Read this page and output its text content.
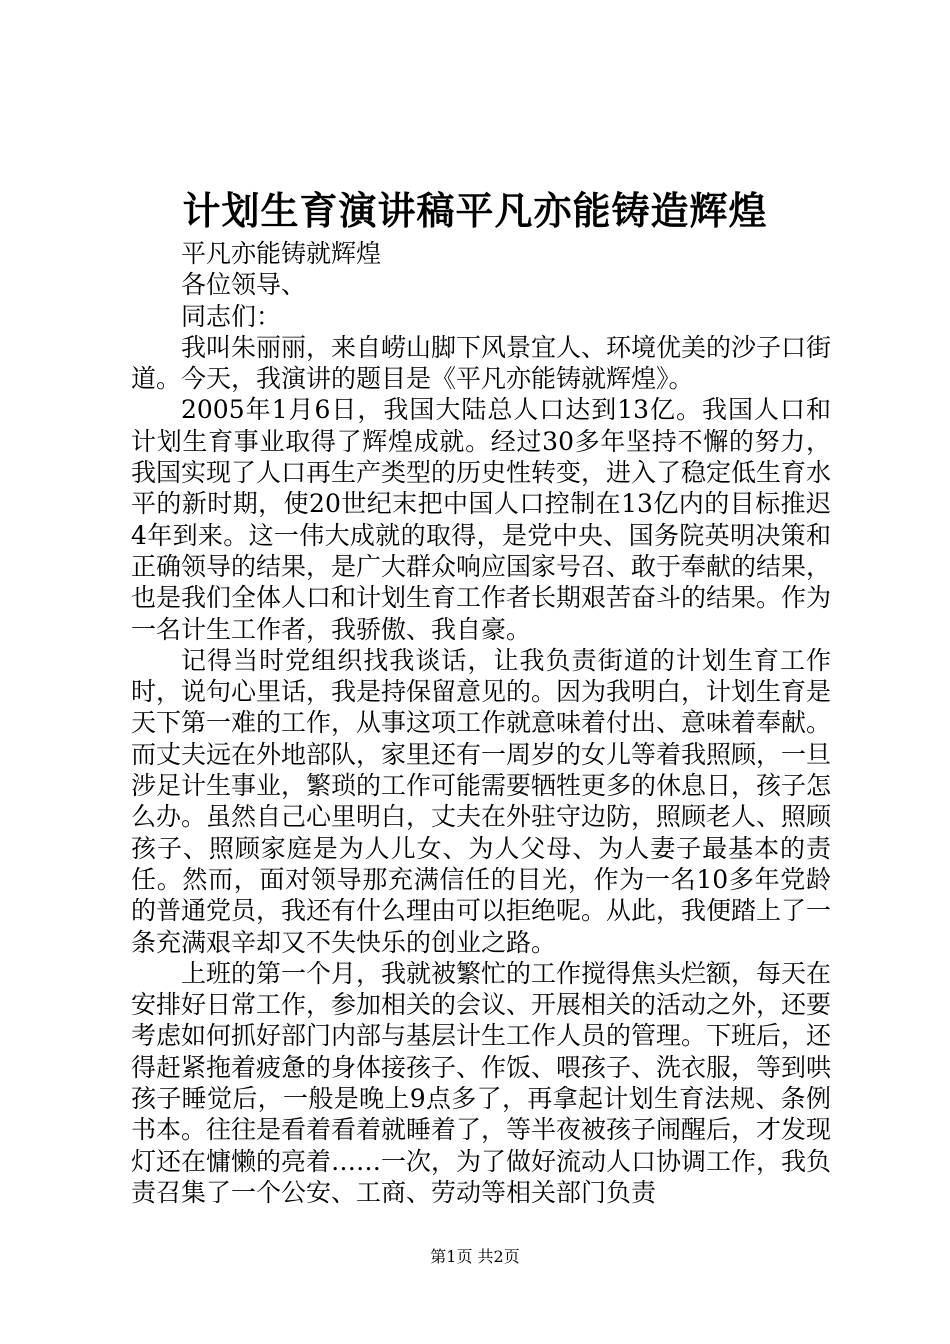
计划生育演讲稿平凡亦能铸造辉煌

平凡亦能铸就辉煌

各位领导、

同志们：

我叫朱丽丽，来自崂山脚下风景宜人、环境优美的沙子口街道。今天，我演讲的题目是《平凡亦能铸就辉煌》。

2005年1月6日，我国大陆总人口达到13亿。我国人口和计划生育事业取得了辉煌成就。经过30多年坚持不懈的努力，我国实现了人口再生产类型的历史性转变，进入了稳定低生育水平的新时期，使20世纪末把中国人口控制在13亿内的目标推迟4年到来。这一伟大成就的取得，是党中央、国务院英明决策和正确领导的结果，是广大群众响应国家号召、敢于奉献的结果，也是我们全体人口和计划生育工作者长期艰苦奋斗的结果。作为一名计生工作者，我骄傲、我自豪。

记得当时党组织找我谈话，让我负责街道的计划生育工作时，说句心里话，我是持保留意见的。因为我明白，计划生育是天下第一难的工作，从事这项工作就意味着付出、意味着奉献。而丈夫远在外地部队，家里还有一周岁的女儿等着我照顾，一旦涉足计生事业，繁琐的工作可能需要牺牲更多的休息日，孩子怎么办。虽然自己心里明白，丈夫在外驻守边防，照顾老人、照顾孩子、照顾家庭是为人儿女、为人父母、为人妻子最基本的责任。然而，面对领导那充满信任的目光，作为一名10多年党龄的普通党员，我还有什么理由可以拒绝呢。从此，我便踏上了一条充满艰辛却又不失快乐的创业之路。

上班的第一个月，我就被繁忙的工作搅得焦头烂额，每天在安排好日常工作，参加相关的会议、开展相关的活动之外，还要考虑如何抓好部门内部与基层计生工作人员的管理。下班后，还得赶紧拖着疲惫的身体接孩子、作饭、喂孩子、洗衣服，等到哄孩子睡觉后，一般是晚上9点多了，再拿起计划生育法规、条例书本。往往是看着看着就睡着了，等半夜被孩子闹醒后，才发现灯还在慵懒的亮着……一次，为了做好流动人口协调工作，我负责召集了一个公安、工商、劳动等相关部门负责

第1页 共2页
